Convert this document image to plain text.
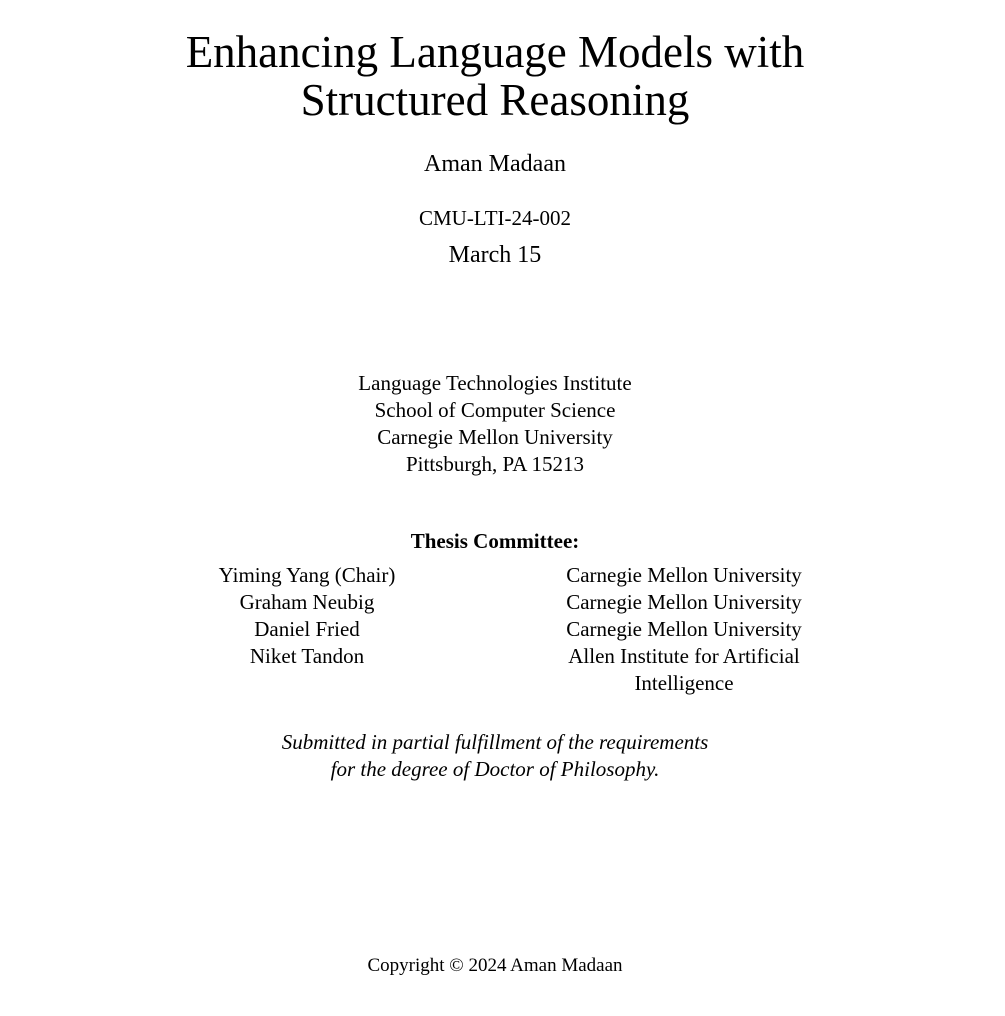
Enhancing Language Models with
Structured Reasoning
Aman Madaan
CMU-LTI-24-002
March 15
Language Technologies Institute
School of Computer Science
Carnegie Mellon University
Pittsburgh, PA 15213
Thesis Committee:
Yiming Yang (Chair)	Carnegie Mellon University
Graham Neubig	Carnegie Mellon University
Daniel Fried	Carnegie Mellon University
Niket Tandon	Allen Institute for Artificial Intelligence
Submitted in partial fulfillment of the requirements
for the degree of Doctor of Philosophy.
Copyright © 2024 Aman Madaan
